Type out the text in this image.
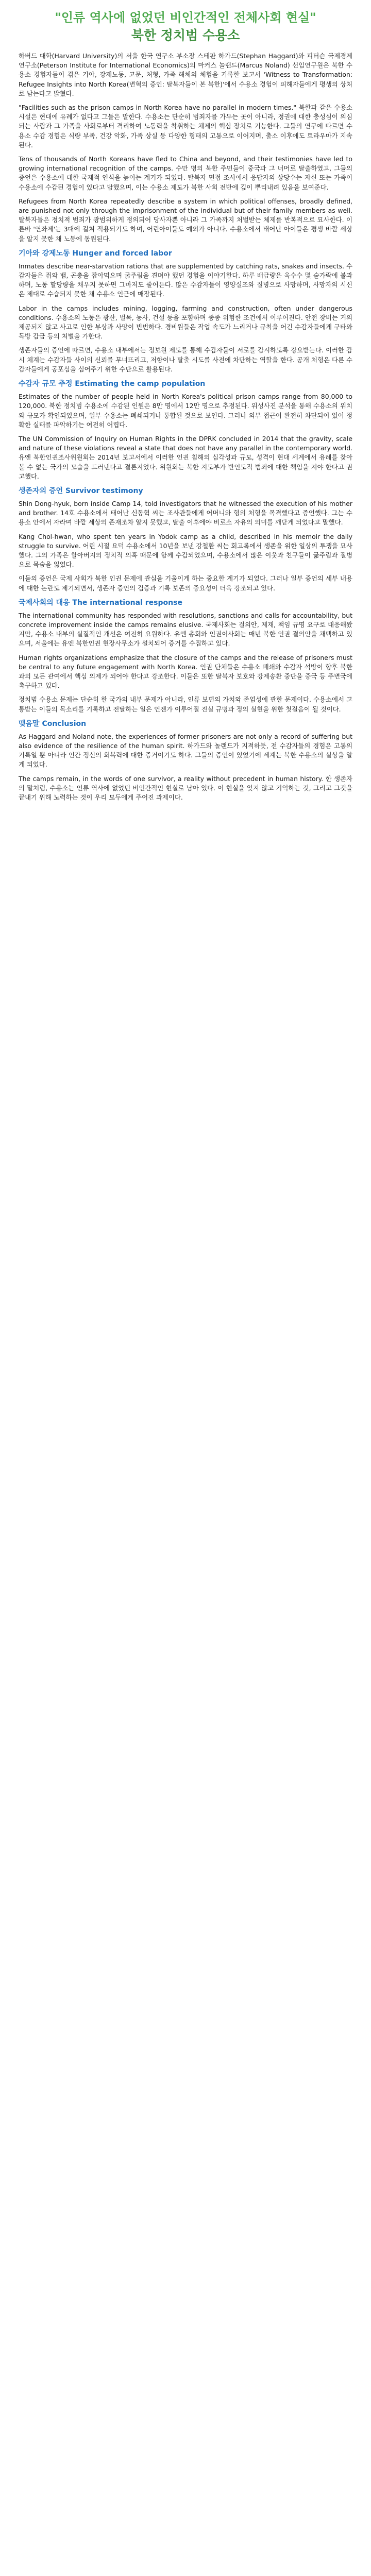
"인류 역사에 없었던 비인간적인 전체사회 현실"
북한 정치범 수용소

하버드 대학(Harvard University)의 서울 한국 연구소 부소장 스테판 하가드(Stephan Haggard)와 피터슨 국제경제연구소(Peterson Institute for International Economics)의 마커스 놀랜드(Marcus Noland) 선임연구원은 북한 수용소 경험자들이 겪은 기아, 강제노동, 고문, 처형, 가족 해체의 체험을 기록한 보고서 'Witness to Transformation: Refugee Insights into North Korea(변혁의 증인: 탈북자들이 본 북한)'에서 수용소 경험이 피해자들에게 평생의 상처로 남는다고 밝혔다.

"Facilities such as the prison camps in North Korea have no parallel in modern times." 북한과 같은 수용소 시설은 현대에 유례가 없다고 그들은 말한다. 수용소는 단순히 범죄자를 가두는 곳이 아니라, 정권에 대한 충성심이 의심되는 사람과 그 가족을 사회로부터 격리하여 노동력을 착취하는 체제의 핵심 장치로 기능한다. 그들의 연구에 따르면 수용소 수감 경험은 식량 부족, 건강 악화, 가족 상실 등 다양한 형태의 고통으로 이어지며, 출소 이후에도 트라우마가 지속된다.

Tens of thousands of North Koreans have fled to China and beyond, and their testimonies have led to growing international recognition of the camps. 수만 명의 북한 주민들이 중국과 그 너머로 탈출하였고, 그들의 증언은 수용소에 대한 국제적 인식을 높이는 계기가 되었다. 탈북자 면접 조사에서 응답자의 상당수는 자신 또는 가족이 수용소에 수감된 경험이 있다고 답했으며, 이는 수용소 제도가 북한 사회 전반에 깊이 뿌리내려 있음을 보여준다.

Refugees from North Korea repeatedly describe a system in which political offenses, broadly defined, are punished not only through the imprisonment of the individual but of their family members as well. 탈북자들은 정치적 범죄가 광범위하게 정의되어 당사자뿐 아니라 그 가족까지 처벌받는 체제를 반복적으로 묘사한다. 이른바 '연좌제'는 3대에 걸쳐 적용되기도 하며, 어린아이들도 예외가 아니다. 수용소에서 태어난 아이들은 평생 바깥 세상을 알지 못한 채 노동에 동원된다.

기아와 강제노동 Hunger and forced labor

Inmates describe near-starvation rations that are supplemented by catching rats, snakes and insects. 수감자들은 쥐와 뱀, 곤충을 잡아먹으며 굶주림을 견뎌야 했던 경험을 이야기한다. 하루 배급량은 옥수수 몇 숟가락에 불과하며, 노동 할당량을 채우지 못하면 그마저도 줄어든다. 많은 수감자들이 영양실조와 질병으로 사망하며, 사망자의 시신은 제대로 수습되지 못한 채 수용소 인근에 매장된다.

Labor in the camps includes mining, logging, farming and construction, often under dangerous conditions. 수용소의 노동은 광산, 벌목, 농사, 건설 등을 포함하며 종종 위험한 조건에서 이루어진다. 안전 장비는 거의 제공되지 않고 사고로 인한 부상과 사망이 빈번하다. 경비원들은 작업 속도가 느리거나 규칙을 어긴 수감자들에게 구타와 독방 감금 등의 처벌을 가한다.

생존자들의 증언에 따르면, 수용소 내부에서는 정보원 제도를 통해 수감자들이 서로를 감시하도록 강요받는다. 이러한 감시 체계는 수감자들 사이의 신뢰를 무너뜨리고, 저항이나 탈출 시도를 사전에 차단하는 역할을 한다. 공개 처형은 다른 수감자들에게 공포심을 심어주기 위한 수단으로 활용된다.

수감자 규모 추정 Estimating the camp population

Estimates of the number of people held in North Korea's political prison camps range from 80,000 to 120,000. 북한 정치범 수용소에 수감된 인원은 8만 명에서 12만 명으로 추정된다. 위성사진 분석을 통해 수용소의 위치와 규모가 확인되었으며, 일부 수용소는 폐쇄되거나 통합된 것으로 보인다. 그러나 외부 접근이 완전히 차단되어 있어 정확한 실태를 파악하기는 여전히 어렵다.

The UN Commission of Inquiry on Human Rights in the DPRK concluded in 2014 that the gravity, scale and nature of these violations reveal a state that does not have any parallel in the contemporary world. 유엔 북한인권조사위원회는 2014년 보고서에서 이러한 인권 침해의 심각성과 규모, 성격이 현대 세계에서 유례를 찾아볼 수 없는 국가의 모습을 드러낸다고 결론지었다. 위원회는 북한 지도부가 반인도적 범죄에 대한 책임을 져야 한다고 권고했다.

생존자의 증언 Survivor testimony

Shin Dong-hyuk, born inside Camp 14, told investigators that he witnessed the execution of his mother and brother. 14호 수용소에서 태어난 신동혁 씨는 조사관들에게 어머니와 형의 처형을 목격했다고 증언했다. 그는 수용소 안에서 자라며 바깥 세상의 존재조차 알지 못했고, 탈출 이후에야 비로소 자유의 의미를 깨닫게 되었다고 말했다.

Kang Chol-hwan, who spent ten years in Yodok camp as a child, described in his memoir the daily struggle to survive. 어린 시절 요덕 수용소에서 10년을 보낸 강철환 씨는 회고록에서 생존을 위한 일상의 투쟁을 묘사했다. 그의 가족은 할아버지의 정치적 의혹 때문에 함께 수감되었으며, 수용소에서 많은 이웃과 친구들이 굶주림과 질병으로 목숨을 잃었다.

이들의 증언은 국제 사회가 북한 인권 문제에 관심을 기울이게 하는 중요한 계기가 되었다. 그러나 일부 증언의 세부 내용에 대한 논란도 제기되면서, 생존자 증언의 검증과 기록 보존의 중요성이 더욱 강조되고 있다.

국제사회의 대응 The international response

The international community has responded with resolutions, sanctions and calls for accountability, but concrete improvement inside the camps remains elusive. 국제사회는 결의안, 제재, 책임 규명 요구로 대응해왔지만, 수용소 내부의 실질적인 개선은 여전히 요원하다. 유엔 총회와 인권이사회는 매년 북한 인권 결의안을 채택하고 있으며, 서울에는 유엔 북한인권 현장사무소가 설치되어 증거를 수집하고 있다.

Human rights organizations emphasize that the closure of the camps and the release of prisoners must be central to any future engagement with North Korea. 인권 단체들은 수용소 폐쇄와 수감자 석방이 향후 북한과의 모든 관여에서 핵심 의제가 되어야 한다고 강조한다. 이들은 또한 탈북자 보호와 강제송환 중단을 중국 등 주변국에 촉구하고 있다.

정치범 수용소 문제는 단순히 한 국가의 내부 문제가 아니라, 인류 보편의 가치와 존엄성에 관한 문제이다. 수용소에서 고통받는 이들의 목소리를 기록하고 전달하는 일은 언젠가 이루어질 진실 규명과 정의 실현을 위한 첫걸음이 될 것이다.

맺음말 Conclusion

As Haggard and Noland note, the experiences of former prisoners are not only a record of suffering but also evidence of the resilience of the human spirit. 하가드와 놀랜드가 지적하듯, 전 수감자들의 경험은 고통의 기록일 뿐 아니라 인간 정신의 회복력에 대한 증거이기도 하다. 그들의 증언이 있었기에 세계는 북한 수용소의 실상을 알게 되었다.

The camps remain, in the words of one survivor, a reality without precedent in human history. 한 생존자의 말처럼, 수용소는 인류 역사에 없었던 비인간적인 현실로 남아 있다. 이 현실을 잊지 않고 기억하는 것, 그리고 그것을 끝내기 위해 노력하는 것이 우리 모두에게 주어진 과제이다.
